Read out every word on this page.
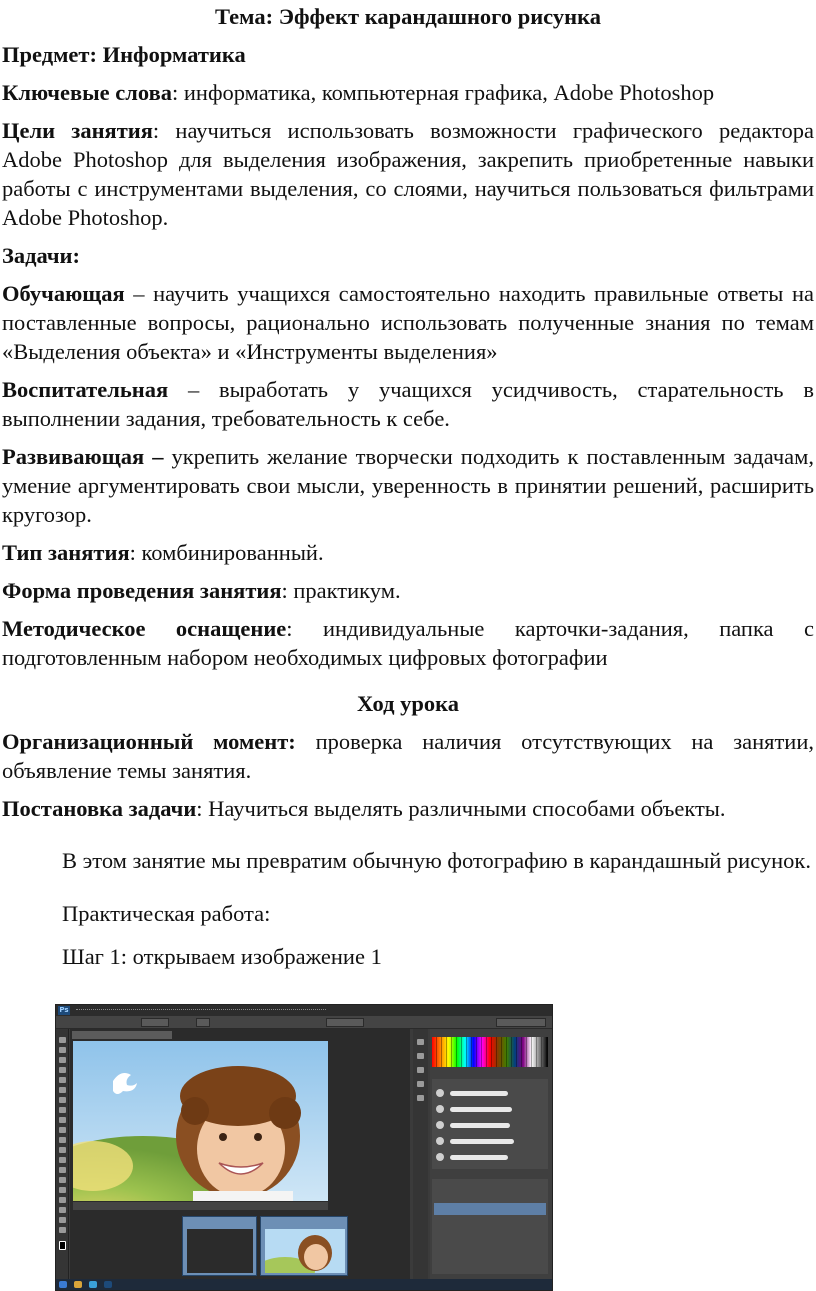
Тема: Эффект карандашного рисунка

Предмет: Информатика

Ключевые слова: информатика, компьютерная графика, Adobe Photoshop

Цели занятия: научиться использовать возможности графического редактора Adobe Photoshop для выделения изображения, закрепить приобретенные навыки работы с инструментами выделения, со слоями, научиться пользоваться фильтрами Adobe Photoshop.

Задачи:

Обучающая – научить учащихся самостоятельно находить правильные ответы на поставленные вопросы, рационально использовать полученные знания по темам «Выделения объекта» и «Инструменты выделения»

Воспитательная – выработать у учащихся усидчивость, старательность в выполнении задания, требовательность к себе.

Развивающая – укрепить желание творчески подходить к поставленным задачам, умение аргументировать свои мысли, уверенность в принятии решений, расширить кругозор.

Тип занятия: комбинированный.

Форма проведения занятия: практикум.

Методическое оснащение: индивидуальные карточки-задания, папка с подготовленным набором необходимых цифровых фотографии

Ход урока

Организационный момент: проверка наличия отсутствующих на занятии, объявление темы занятия.

Постановка задачи: Научиться выделять различными способами объекты.

В этом занятие мы превратим обычную фотографию в карандашный рисунок.

Практическая работа:

Шаг 1: открываем изображение 1

Ps
